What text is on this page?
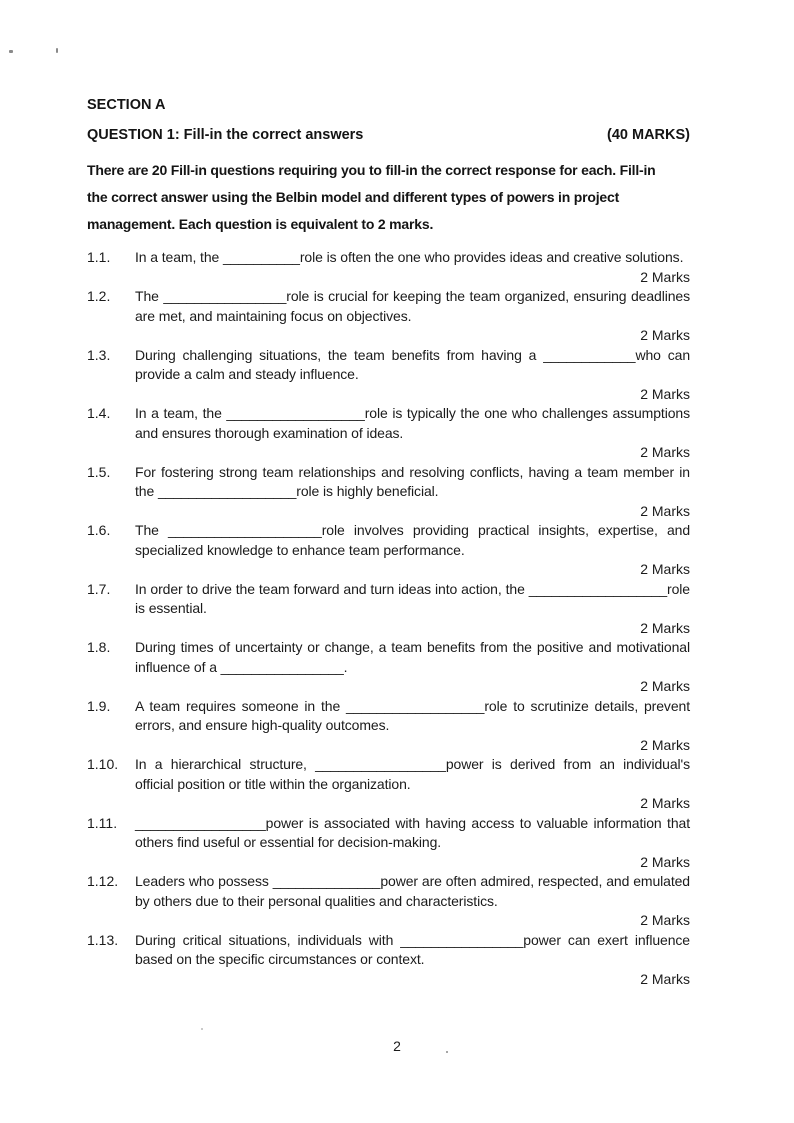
SECTION A
QUESTION 1: Fill-in the correct answers	(40 MARKS)
There are 20 Fill-in questions requiring you to fill-in the correct response for each. Fill-in
the correct answer using the Belbin model and different types of powers in project
management. Each question is equivalent to 2 marks.
1.1.	In a team, the __________role is often the one who provides ideas and creative solutions.
2 Marks
1.2.	The ________________role is crucial for keeping the team organized, ensuring deadlines are met, and maintaining focus on objectives.
2 Marks
1.3.	During challenging situations, the team benefits from having a ____________who can provide a calm and steady influence.
2 Marks
1.4.	In a team, the __________________role is typically the one who challenges assumptions and ensures thorough examination of ideas.
2 Marks
1.5.	For fostering strong team relationships and resolving conflicts, having a team member in the __________________role is highly beneficial.
2 Marks
1.6.	The ____________________role involves providing practical insights, expertise, and specialized knowledge to enhance team performance.
2 Marks
1.7.	In order to drive the team forward and turn ideas into action, the __________________role is essential.
2 Marks
1.8.	During times of uncertainty or change, a team benefits from the positive and motivational influence of a ________________.
2 Marks
1.9.	A team requires someone in the __________________role to scrutinize details, prevent errors, and ensure high-quality outcomes.
2 Marks
1.10.	In a hierarchical structure, _________________power is derived from an individual's official position or title within the organization.
2 Marks
1.11.	_________________power is associated with having access to valuable information that others find useful or essential for decision-making.
2 Marks
1.12.	Leaders who possess ______________power are often admired, respected, and emulated by others due to their personal qualities and characteristics.
2 Marks
1.13.	During critical situations, individuals with ________________power can exert influence based on the specific circumstances or context.
2 Marks
2
